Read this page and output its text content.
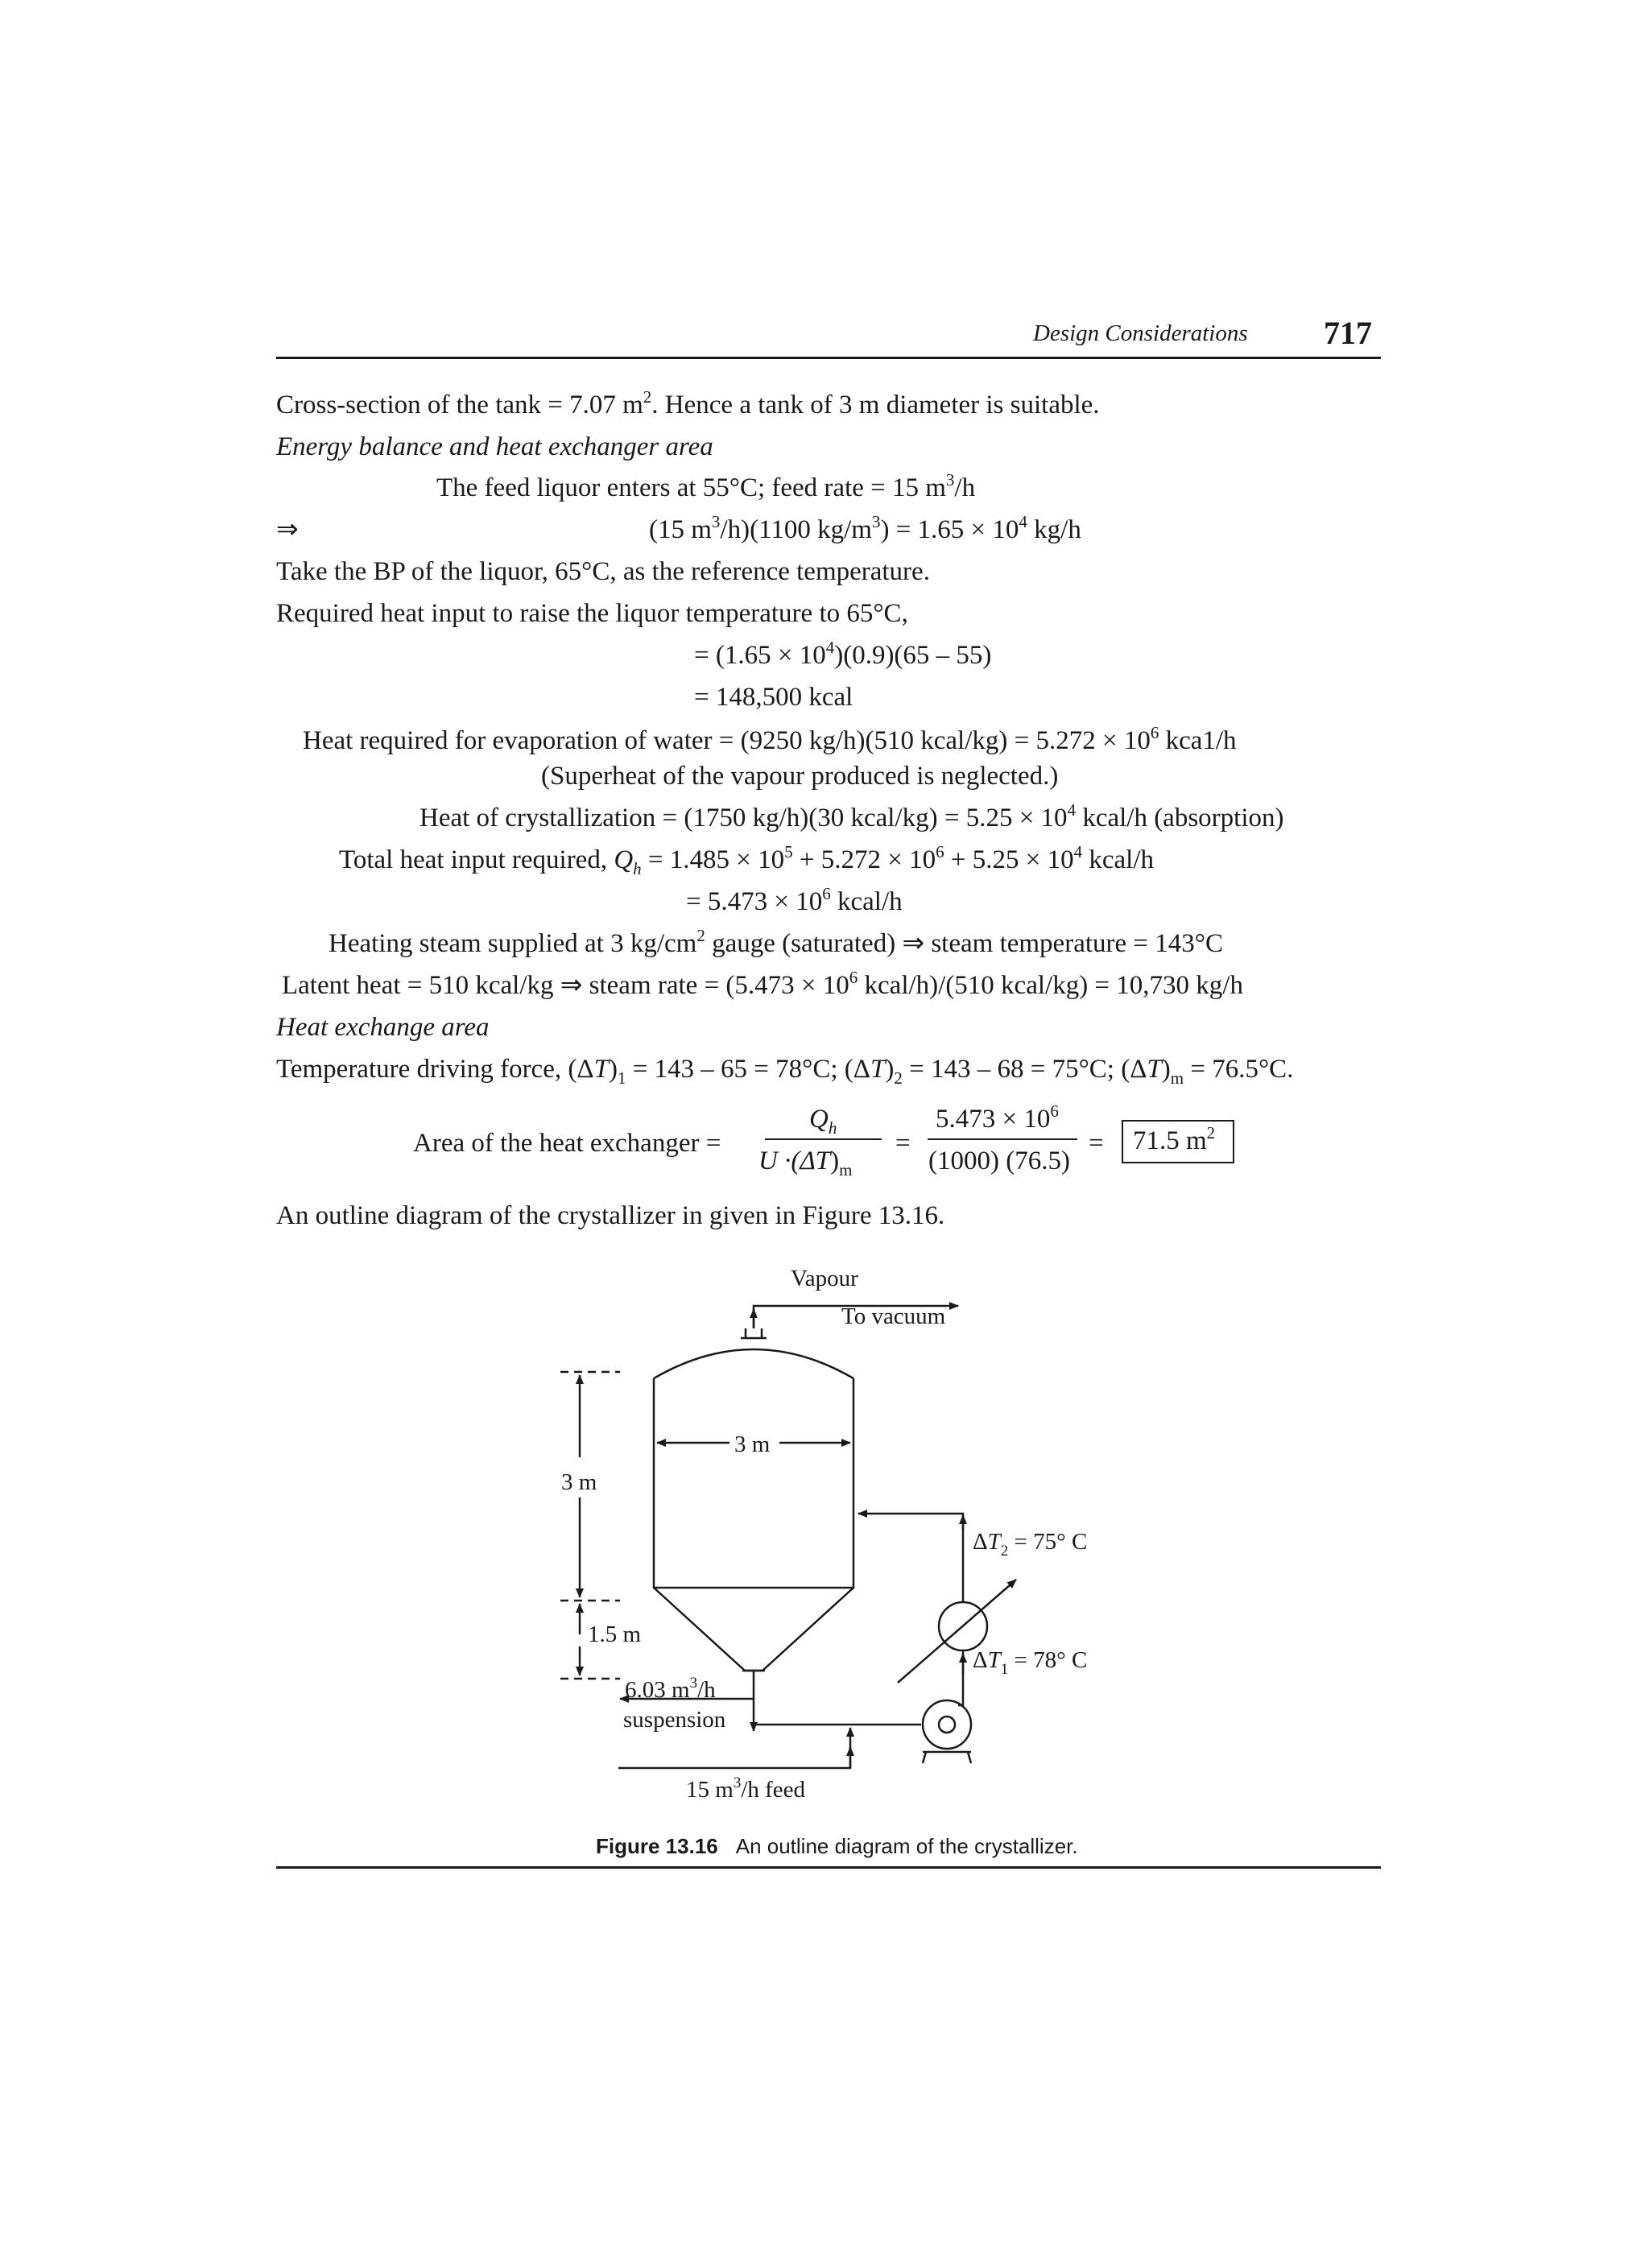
Design Considerations 717
Cross-section of the tank = 7.07 $m^2$. Hence a tank of 3 m diameter is suitable.
Energy balance and heat exchanger area
The feed liquor enters at 55°C; feed rate = 15 $m^3/h$
⇒	(15 $m^3/h)(1100$ $kg/m^3) = 1.65 \times 10^4$ kg/h
Take the BP of the liquor, 65°C, as the reference temperature.
Required heat input to raise the liquor temperature to 65°C,
= $(1.65 \times 10^4)(0.9)(65 - 55)$
= 148,500 kcal
Heat required for evaporation of water = (9250 kg/h)(510 kcal/kg) = $5.272 \times 10^6$ kca1/h
(Superheat of the vapour produced is neglected.)
Heat of crystallization = (1750 kg/h)(30 kcal/kg) = $5.25 \times 10^4$ kcal/h (absorption)
Total heat input required, $Q_h = 1.485 \times 10^5 + 5.272 \times 10^6 + 5.25 \times 10^4$ kcal/h
= $5.473 \times 10^6$ kcal/h
Heating steam supplied at 3 $kg/cm^2$ gauge (saturated) ⇒ steam temperature = 143°C
Latent heat = 510 kcal/kg ⇒ steam rate = ($5.473 \times 10^6$ kcal/h)/(510 kcal/kg) = 10,730 kg/h
Heat exchange area
Temperature driving force, $(\Delta T)_1 = 143 - 65 = 78^\circ C$; $(\Delta T)_2 = 143 - 68 = 75^\circ C$; $(\Delta T)_m = 76.5^\circ C$.
Area of the heat exchanger =
$Q_h$
$U \cdot(\Delta T)_m$
=
$5.473 \times 10^6$
(1000) (76.5)
= 71.5 $m^2$
An outline diagram of the crystallizer in given in Figure 13.16.
Vapour
To vacuum
3 m
3 m
1.5 m
6.03 $m^3/h$
suspension
15 $m^3/h$ feed
$\Delta T_2 = 75^\circ$ C
$\Delta T_1 = 78^\circ$ C
Figure 13.16 An outline diagram of the crystallizer.
